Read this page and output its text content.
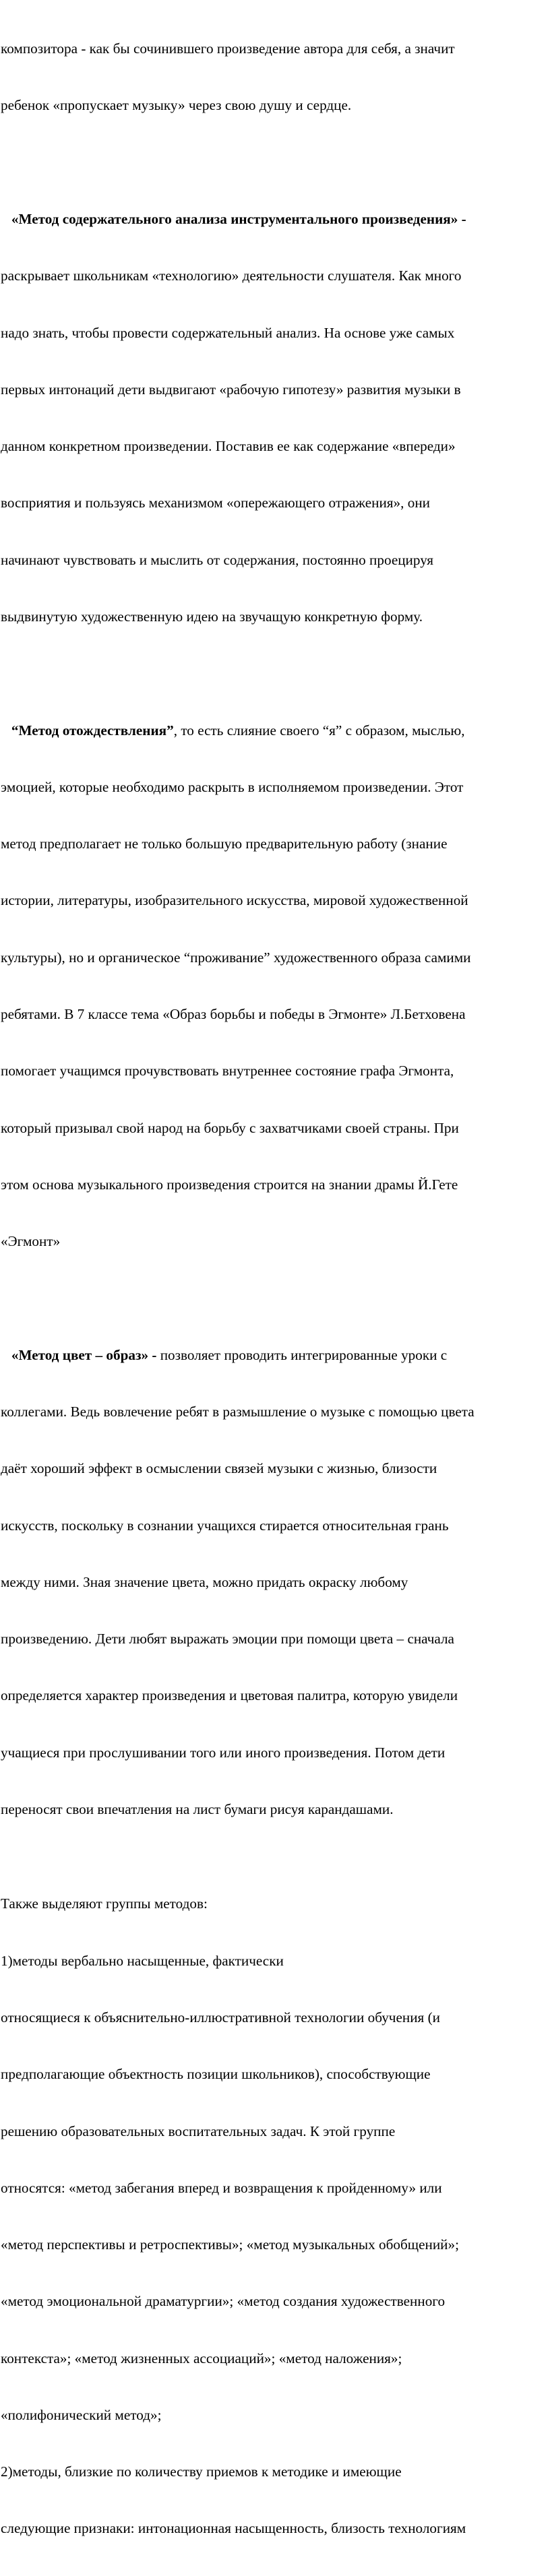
композитора - как бы сочинившего произведение автора для себя, а значит

ребенок «пропускает музыку» через свою душу и сердце.

«Метод содержательного анализа инструментального произведения» -

раскрывает школьникам «технологию» деятельности слушателя. Как много

надо знать, чтобы провести содержательный анализ. На основе уже самых

первых интонаций дети выдвигают «рабочую гипотезу» развития музыки в

данном конкретном произведении. Поставив ее как содержание «впереди»

восприятия и пользуясь механизмом «опережающего отражения», они

начинают чувствовать и мыслить от содержания, постоянно проецируя

выдвинутую художественную идею на звучащую конкретную форму.

“Метод отождествления”, то есть слияние своего “я” с образом, мыслью,

эмоцией, которые необходимо раскрыть в исполняемом произведении. Этот

метод предполагает не только большую предварительную работу (знание

истории, литературы, изобразительного искусства, мировой художественной

культуры), но и органическое “проживание” художественного образа самими

ребятами. В 7 классе тема «Образ борьбы и победы в Эгмонте» Л.Бетховена

помогает учащимся прочувствовать внутреннее состояние графа Эгмонта,

который призывал свой народ на борьбу с захватчиками своей страны. При

этом основа музыкального произведения строится на знании драмы Й.Гете

«Эгмонт»

«Метод цвет – образ» - позволяет проводить интегрированные уроки с

коллегами. Ведь вовлечение ребят в размышление о музыке с помощью цвета

даёт хороший эффект в осмыслении связей музыки с жизнью, близости

искусств, поскольку в сознании учащихся стирается относительная грань

между ними. Зная значение цвета, можно придать окраску любому

произведению. Дети любят выражать эмоции при помощи цвета – сначала

определяется характер произведения и цветовая палитра, которую увидели

учащиеся при прослушивании того или иного произведения. Потом дети

переносят свои впечатления на лист бумаги рисуя карандашами.

Также выделяют группы методов:

1)методы вербально насыщенные, фактически

относящиеся к объяснительно-иллюстративной технологии обучения (и

предполагающие объектность позиции школьников), способствующие

решению образовательных воспитательных задач. К этой группе

относятся: «метод забегания вперед и возвращения к пройденному» или

«метод перспективы и ретроспективы»; «метод музыкальных обобщений»;

«метод эмоциональной драматургии»; «метод создания художественного

контекста»; «метод жизненных ассоциаций»; «метод наложения»;

«полифонический метод»;

2)методы, близкие по количеству приемов к методике и имеющие

следующие признаки: интонационная насыщенность, близость технологиям
